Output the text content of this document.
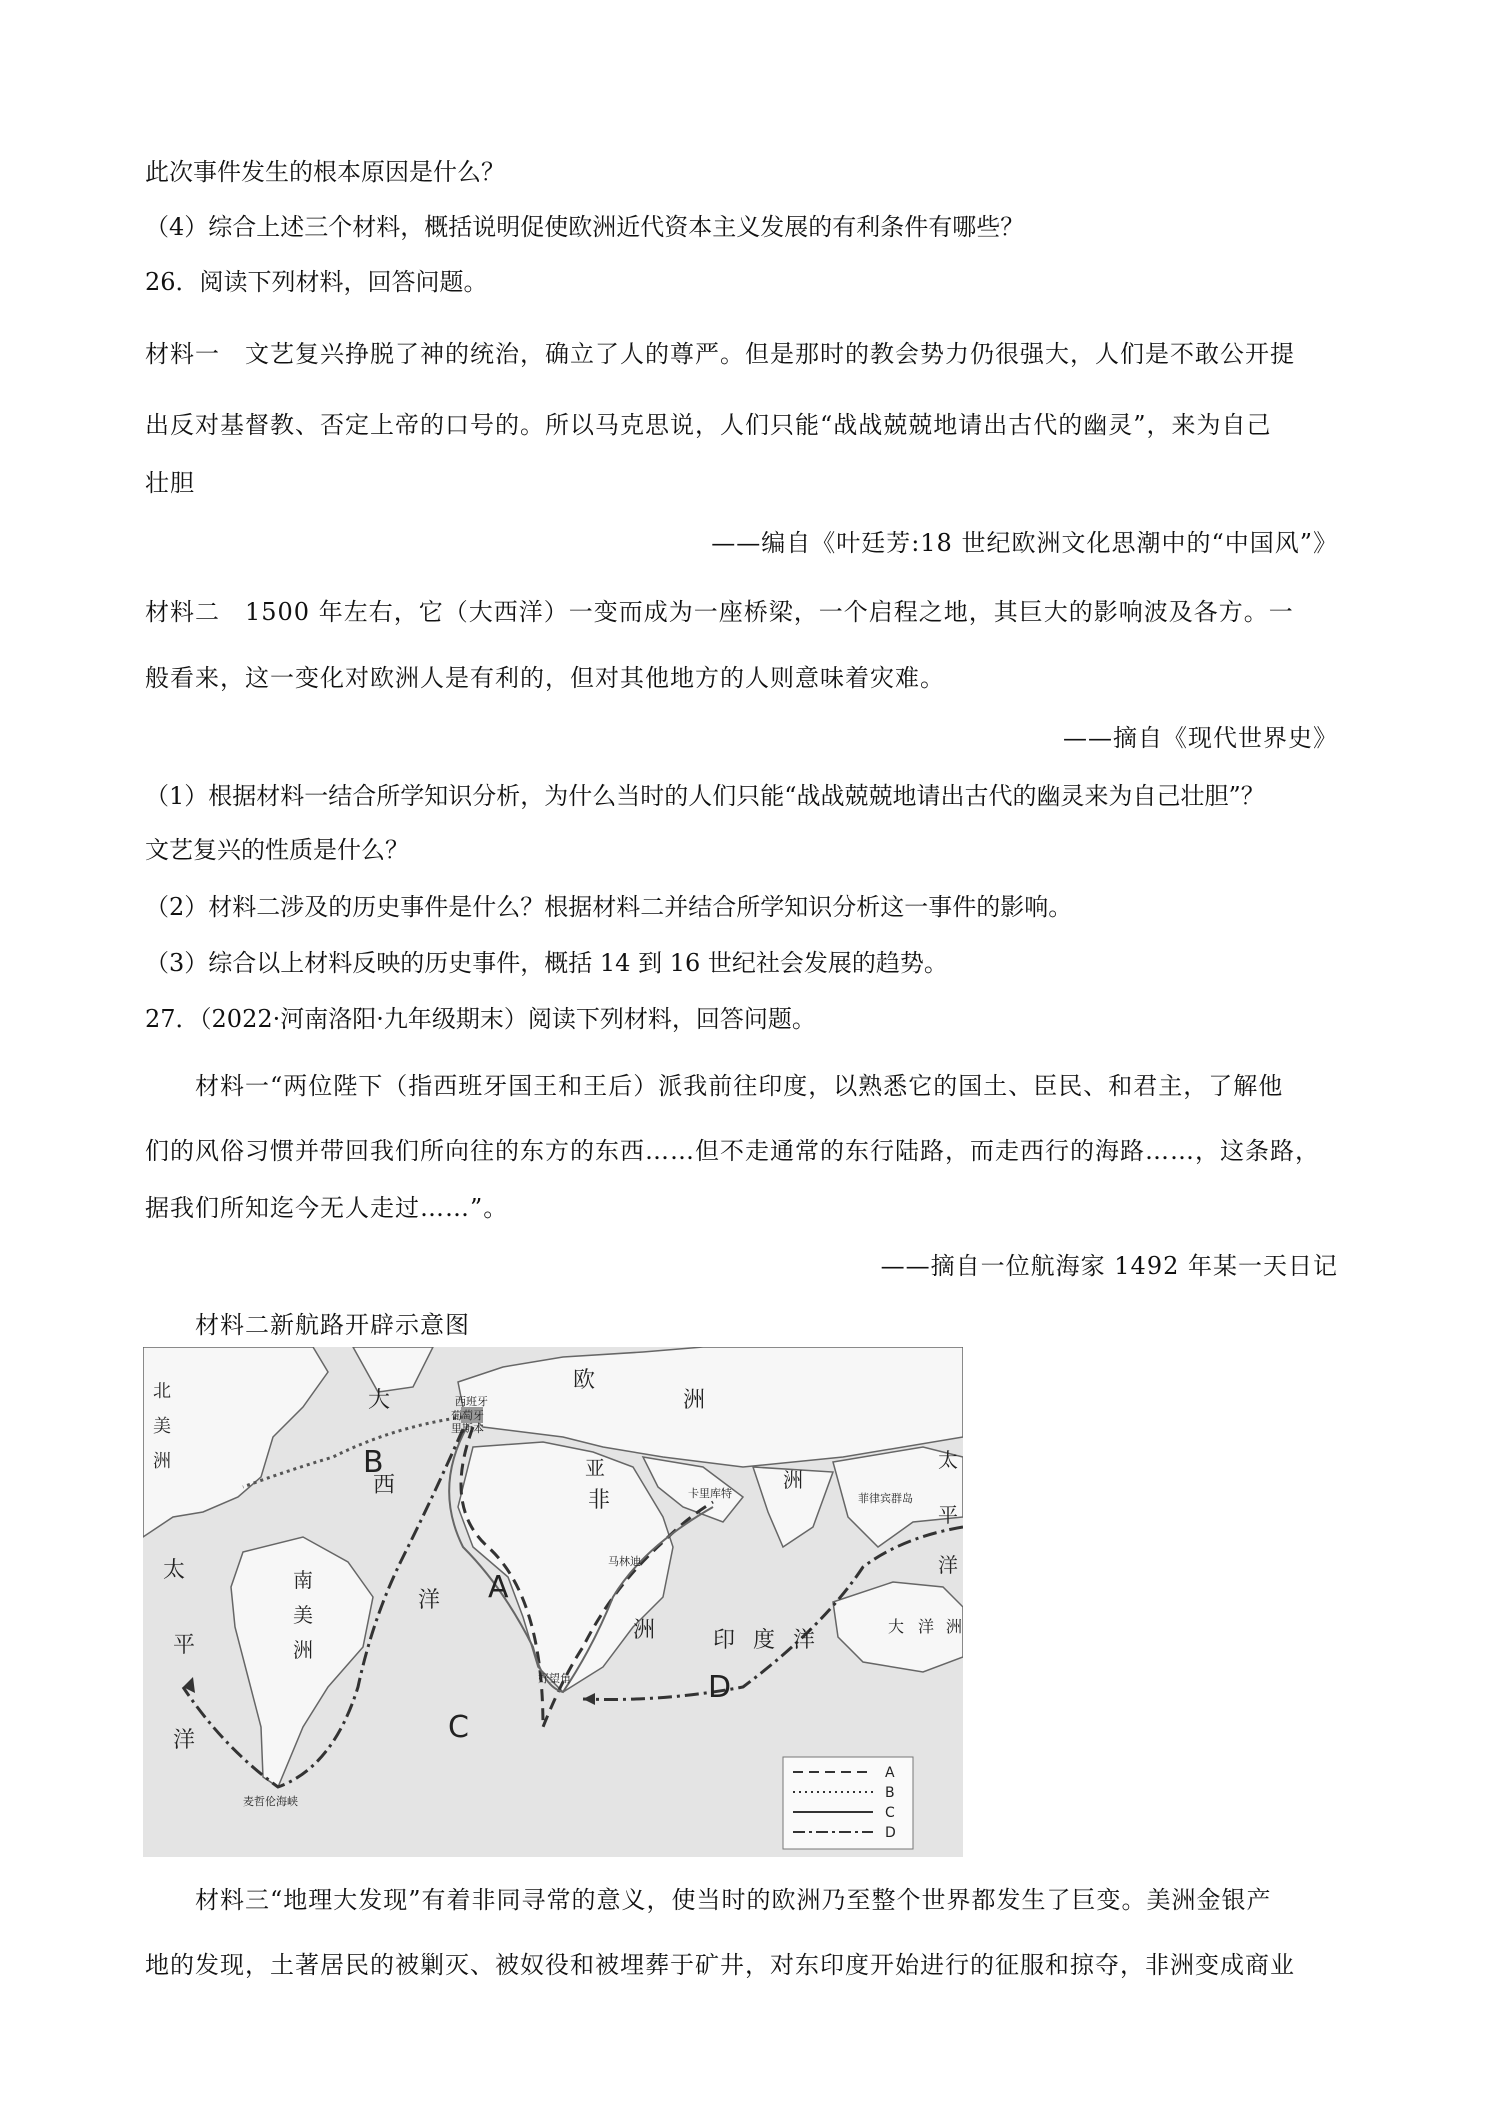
此次事件发生的根本原因是什么？
（4）综合上述三个材料，概括说明促使欧洲近代资本主义发展的有利条件有哪些？
26．阅读下列材料，回答问题。
材料一　文艺复兴挣脱了神的统治，确立了人的尊严。但是那时的教会势力仍很强大，人们是不敢公开提
出反对基督教、否定上帝的口号的。所以马克思说，人们只能“战战兢兢地请出古代的幽灵”，来为自己
壮胆
——编自《叶廷芳:18 世纪欧洲文化思潮中的“中国风”》
材料二　1500 年左右，它（大西洋）一变而成为一座桥梁，一个启程之地，其巨大的影响波及各方。一
般看来，这一变化对欧洲人是有利的，但对其他地方的人则意味着灾难。
——摘自《现代世界史》
（1）根据材料一结合所学知识分析，为什么当时的人们只能“战战兢兢地请出古代的幽灵来为自己壮胆”？
文艺复兴的性质是什么？
（2）材料二涉及的历史事件是什么？根据材料二并结合所学知识分析这一事件的影响。
（3）综合以上材料反映的历史事件，概括 14 到 16 世纪社会发展的趋势。
27．（2022·河南洛阳·九年级期末）阅读下列材料，回答问题。
　　材料一“两位陛下（指西班牙国王和王后）派我前往印度，以熟悉它的国土、臣民、和君主，了解他
们的风俗习惯并带回我们所向往的东方的东西……但不走通常的东行陆路，而走西行的海路……，这条路，
据我们所知迄今无人走过……”。
——摘自一位航海家 1492 年某一天日记
　　材料二新航路开辟示意图
北
美
洲
大
西
洋
欧
亚	洲
非
洲
洲
南
美
洲
太
平
洋
太
平
洋
印 度 洋
大 洋 洲
西班牙
葡萄牙
里斯本
卡里库特
马林迪
菲律宾群岛
好望角
麦哲伦海峡
A
B
C
D
A
B
C
D
　　材料三“地理大发现”有着非同寻常的意义，使当时的欧洲乃至整个世界都发生了巨变。美洲金银产
地的发现，土著居民的被剿灭、被奴役和被埋葬于矿井，对东印度开始进行的征服和掠夺，非洲变成商业
